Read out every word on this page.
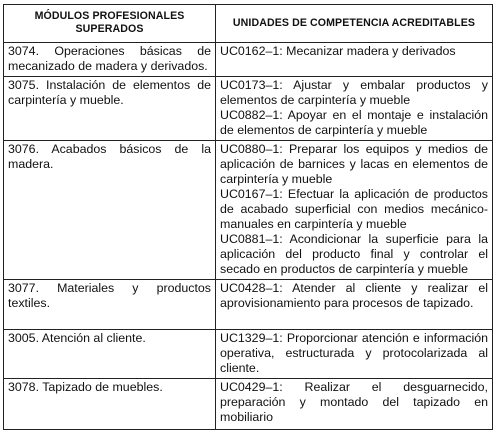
MÓDULOS PROFESIONALES SUPERADOS	UNIDADES DE COMPETENCIA ACREDITABLES
3074. Operaciones básicas de mecanizado de madera y derivados.	UC0162–1: Mecanizar madera y derivados

3075. Instalación de elementos de carpintería y mueble.	UC0173–1: Ajustar y embalar productos y elementos de carpintería y mueble
UC0882–1: Apoyar en el montaje e instalación de elementos de carpintería y mueble

3076. Acabados básicos de la madera.	UC0880–1: Preparar los equipos y medios de aplicación de barnices y lacas en elementos de carpintería y mueble
UC0167–1: Efectuar la aplicación de productos de acabado superficial con medios mecánico-manuales en carpintería y mueble
UC0881–1: Acondicionar la superficie para la aplicación del producto final y controlar el secado en productos de carpintería y mueble

3077. Materiales y productos textiles.	UC0428–1: Atender al cliente y realizar el aprovisionamiento para procesos de tapizado.

3005. Atención al cliente.	UC1329–1: Proporcionar atención e información operativa, estructurada y protocolarizada al cliente.

3078. Tapizado de muebles.	UC0429–1: Realizar el desguarnecido, preparación y montado del tapizado en mobiliario
